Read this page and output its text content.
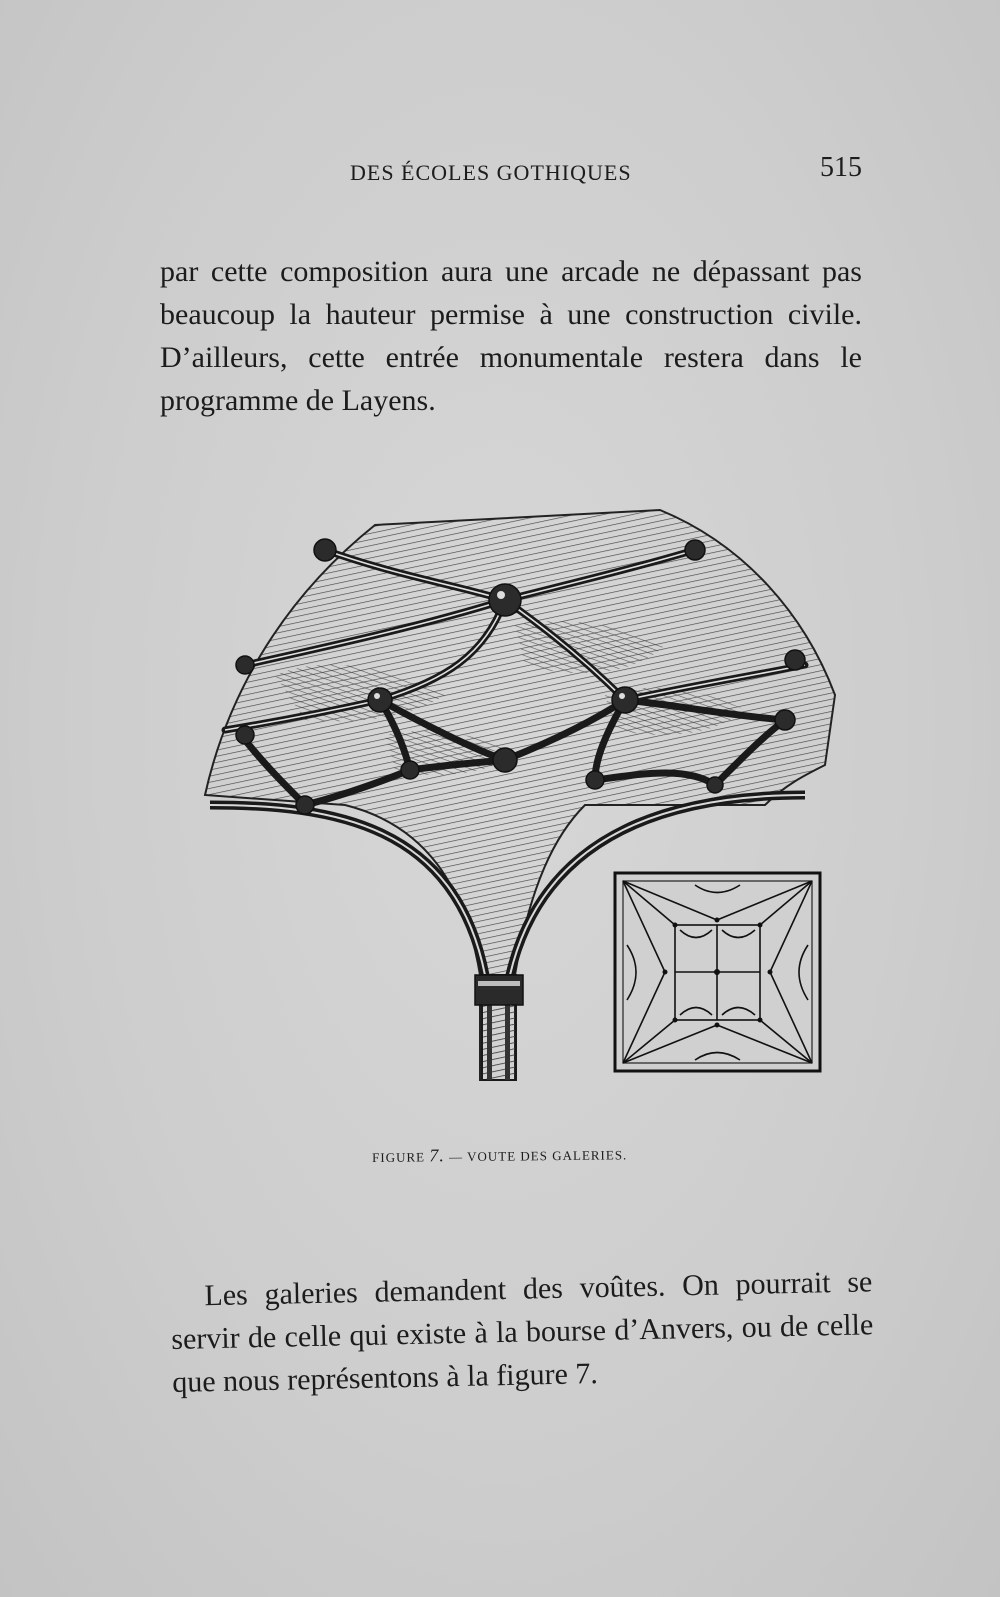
DES ÉCOLES GOTHIQUES	515

par cette composition aura une arcade ne dépassant pas beaucoup la hauteur permise à une construction civile. D’ailleurs, cette entrée monumentale restera dans le programme de Layens.

FIGURE 7. — VOUTE DES GALERIES.

Les galeries demandent des voûtes. On pourrait se servir de celle qui existe à la bourse d’Anvers, ou de celle que nous représentons à la figure 7.
